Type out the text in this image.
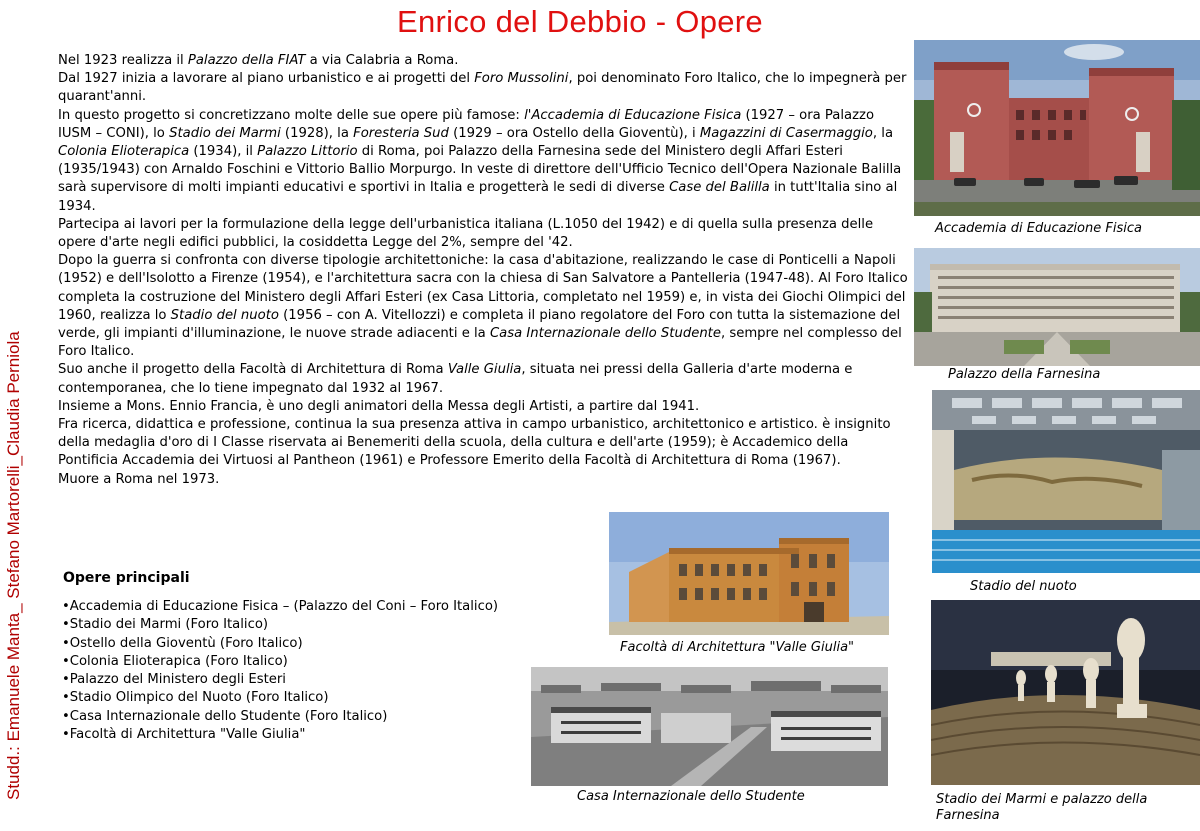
Enrico del Debbio - Opere
Studd.: Emanuele Manta_ Stefano Martorelli_Claudia Perniola

Nel 1923 realizza il Palazzo della FIAT a via Calabria a Roma.

Dal 1927 inizia a lavorare al piano urbanistico e ai progetti del Foro Mussolini, poi denominato Foro Italico, che lo impegnerà per quarant'anni.

In questo progetto si concretizzano molte delle sue opere più famose: l'Accademia di Educazione Fisica (1927 – ora Palazzo IUSM – CONI), lo Stadio dei Marmi (1928), la Foresteria Sud (1929 – ora Ostello della Gioventù), i Magazzini di Casermaggio, la Colonia Elioterapica (1934), il Palazzo Littorio di Roma, poi Palazzo della Farnesina sede del Ministero degli Affari Esteri (1935/1943) con Arnaldo Foschini e Vittorio Ballio Morpurgo. In veste di direttore dell'Ufficio Tecnico dell'Opera Nazionale Balilla sarà supervisore di molti impianti educativi e sportivi in Italia e progetterà le sedi di diverse Case del Balilla in tutt'Italia sino al 1934.

Partecipa ai lavori per la formulazione della legge dell'urbanistica italiana (L.1050 del 1942) e di quella sulla presenza delle opere d'arte negli edifici pubblici, la cosiddetta Legge del 2%, sempre del '42.

Dopo la guerra si confronta con diverse tipologie architettoniche: la casa d'abitazione, realizzando le case di Ponticelli a Napoli (1952) e dell'Isolotto a Firenze (1954), e l'architettura sacra con la chiesa di San Salvatore a Pantelleria (1947-48). Al Foro Italico completa la costruzione del Ministero degli Affari Esteri (ex Casa Littoria, completato nel 1959) e, in vista dei Giochi Olimpici del 1960, realizza lo Stadio del nuoto (1956 – con A. Vitellozzi) e completa il piano regolatore del Foro con tutta la sistemazione del verde, gli impianti d'illuminazione, le nuove strade adiacenti e la Casa Internazionale dello Studente, sempre nel complesso del Foro Italico.

Suo anche il progetto della Facoltà di Architettura di Roma Valle Giulia, situata nei pressi della Galleria d'arte moderna e contemporanea, che lo tiene impegnato dal 1932 al 1967.

Insieme a Mons. Ennio Francia, è uno degli animatori della Messa degli Artisti, a partire dal 1941.

Fra ricerca, didattica e professione, continua la sua presenza attiva in campo urbanistico, architettonico e artistico. è insignito della medaglia d'oro di I Classe riservata ai Benemeriti della scuola, della cultura e dell'arte (1959); è Accademico della Pontificia Accademia dei Virtuosi al Pantheon (1961) e Professore Emerito della Facoltà di Architettura di Roma (1967).

Muore a Roma nel 1973.

Opere principali
• Accademia di Educazione Fisica – (Palazzo del Coni – Foro Italico)
• Stadio dei Marmi (Foro Italico)
• Ostello della Gioventù (Foro Italico)
• Colonia Elioterapica (Foro Italico)
• Palazzo del Ministero degli Esteri
• Stadio Olimpico del Nuoto (Foro Italico)
• Casa Internazionale dello Studente (Foro Italico)
• Facoltà di Architettura "Valle Giulia"
Accademia di Educazione Fisica
Palazzo della Farnesina
Stadio del nuoto
Stadio dei Marmi e palazzo della Farnesina
Facoltà di Architettura "Valle Giulia"
Casa Internazionale dello Studente
